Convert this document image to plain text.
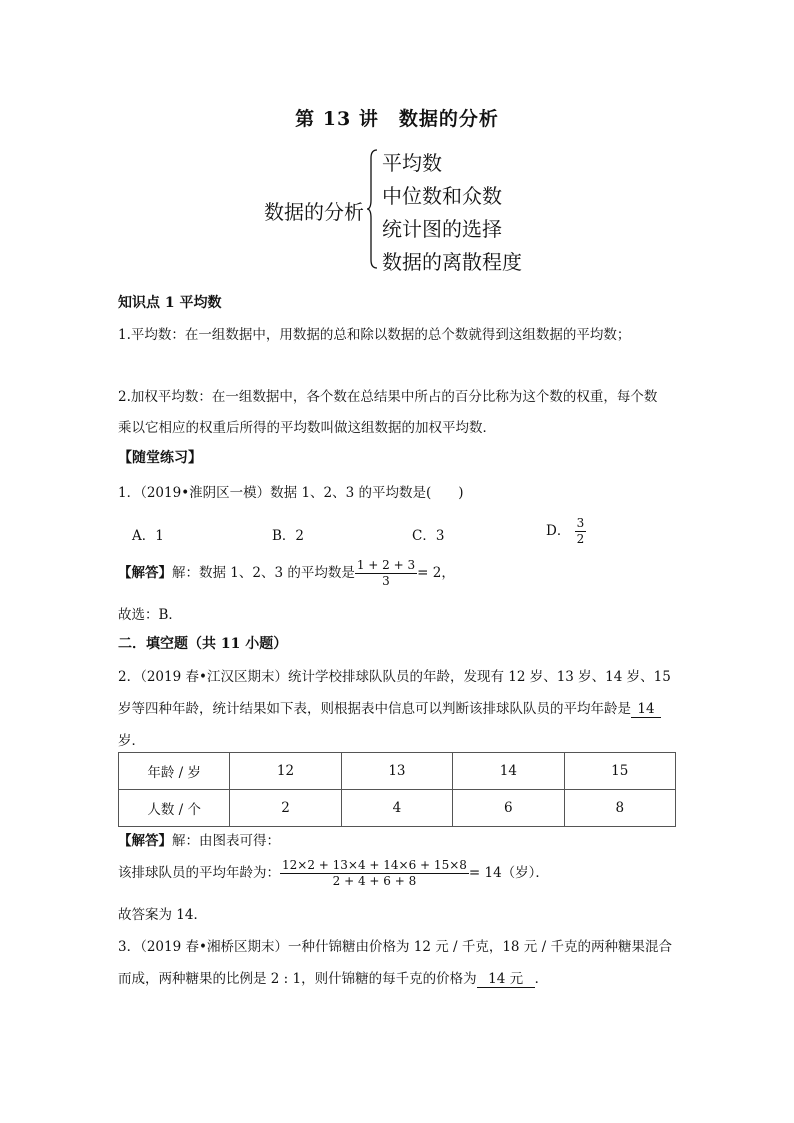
第 13 讲　数据的分析
数据的分析
平均数
中位数和众数
统计图的选择
数据的离散程度
知识点 1 平均数
1.平均数：在一组数据中，用数据的总和除以数据的总个数就得到这组数据的平均数；
2.加权平均数：在一组数据中，各个数在总结果中所占的百分比称为这个数的权重，每个数
乘以它相应的权重后所得的平均数叫做这组数据的加权平均数．
【随堂练习】
1．（2019•淮阴区一模）数据 1、2、3 的平均数是(　　)
A．1	B．2	C．3	D． $\frac{3}{2}$
【解答】解：数据 1、2、3 的平均数是 $\frac{1 + 2 + 3}{3} = 2$，
故选：B．
二．填空题（共 11 小题）
2．（2019 春•江汉区期末）统计学校排球队队员的年龄，发现有 12 岁、13 岁、14 岁、15
岁等四种年龄，统计结果如下表，则根据表中信息可以判断该排球队队员的平均年龄是 14
岁．
年龄 / 岁	12	13	14	15
人数 / 个	2	4	6	8
【解答】解：由图表可得：
该排球队员的平均年龄为： $\frac{12\times 2 + 13\times 4 + 14\times 6 + 15\times 8}{2 + 4 + 6 + 8} = 14$（岁）．
故答案为 14．
3．（2019 春•湘桥区期末）一种什锦糖由价格为 12 元 / 千克，18 元 / 千克的两种糖果混合
而成，两种糖果的比例是 2 : 1，则什锦糖的每千克的价格为 14 元 ．
